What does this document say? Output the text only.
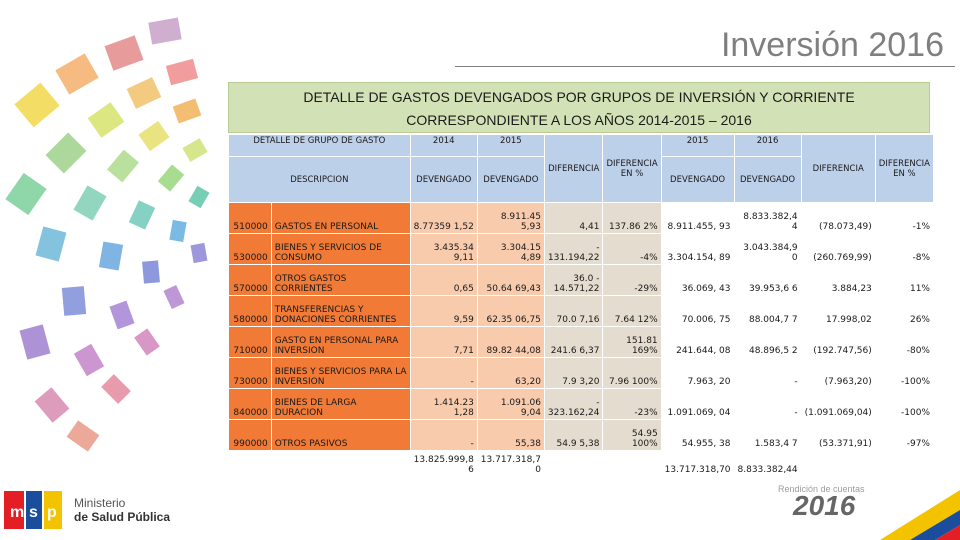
Inversión 2016
DETALLE DE GASTOS DEVENGADOS POR GRUPOS DE INVERSIÓN Y CORRIENTE
CORRESPONDIENTE A LOS AÑOS 2014-2015 – 2016
DETALLE DE GRUPO DE GASTO		2014	2015	DIFERENCIA	DIFERENCIA EN %	2015	2016	DIFERENCIA	DIFERENCIA EN %
DESCRIPCION		DEVENGADO	DEVENGADO			DEVENGADO	DEVENGADO		
510000	GASTOS EN PERSONAL	8.77359 1,52	8.911.45 5,93	4,41	137.86 2%	8.911.455, 93	8.833.382,4 4	(78.073,49)	-1%
530000	BIENES Y SERVICIOS DE CONSUMO	3.435.34 9,11	3.304.15 4,89	- 131.194,22	-4%	3.304.154, 89	3.043.384,9 0	(260.769,99)	-8%
570000	OTROS GASTOS CORRIENTES	0,65	50.64 69,43	36.0 - 14.571,22	-29%	36.069, 43	39.953,6 6	3.884,23	11%
580000	TRANSFERENCIAS Y DONACIONES CORRIENTES	9,59	62.35 06,75	70.0 7,16	7.64 12%	70.006, 75	88.004,7 7	17.998,02	26%
710000	GASTO EN PERSONAL PARA INVERSION	7,71	89.82 44,08	241.6 6,37	151.81 169%	241.644, 08	48.896,5 2	(192.747,56)	-80%
730000	BIENES Y SERVICIOS PARA LA INVERSION	-	63,20	7.9 3,20	7.96 100%	7.963, 20	-	(7.963,20)	-100%
840000	BIENES DE LARGA DURACION	1.414.23 1,28	1.091.06 9,04	- 323.162,24	-23%	1.091.069, 04	-	(1.091.069,04)	-100%
990000	OTROS PASIVOS	-	55,38	54.9 5,38	54.95 100%	54.955, 38	1.583,4 7	(53.371,91)	-97%
		13.825.999,8 6	13.717.318,7 0			13.717.318,70	8.833.382,44		
m s p
Ministerio
de Salud Pública
Rendición de cuentas
2016
